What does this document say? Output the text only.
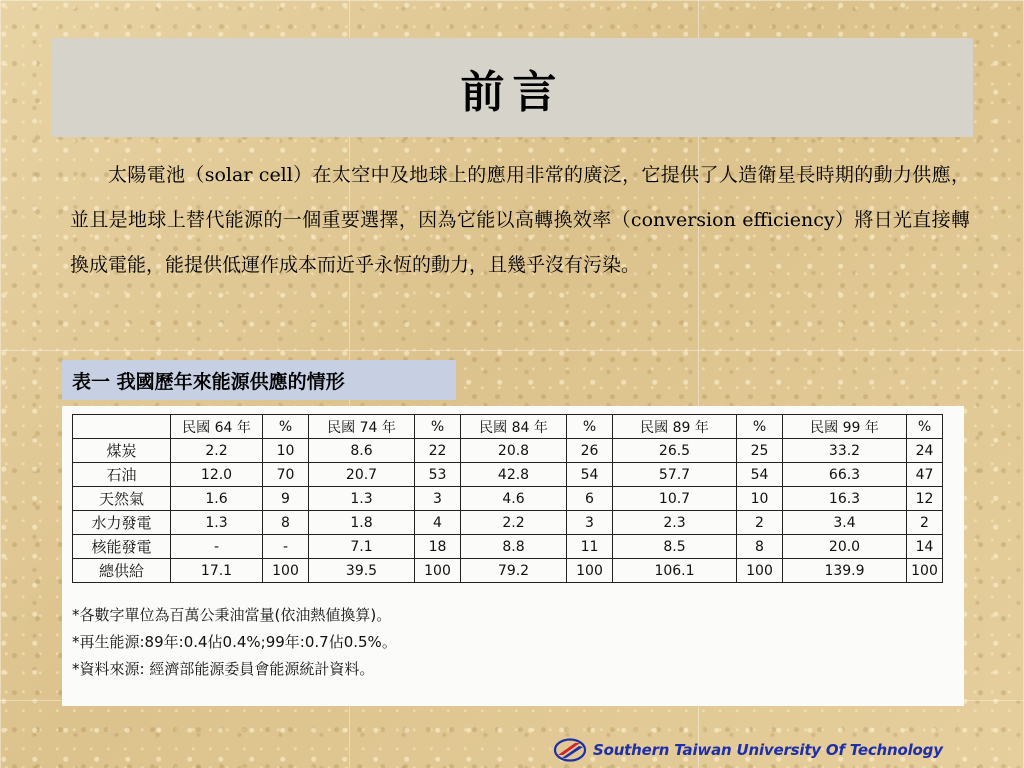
前言

太陽電池（solar cell）在太空中及地球上的應用非常的廣泛，它提供了人造衛星長時期的動力供應，並且是地球上替代能源的一個重要選擇，因為它能以高轉換效率（conversion efficiency）將日光直接轉換成電能，能提供低運作成本而近乎永恆的動力，且幾乎沒有污染。

表一 我國歷年來能源供應的情形
	民國 64 年	%	民國 74 年	%	民國 84 年	%	民國 89 年	%	民國 99 年	%
煤炭	2.2	10	8.6	22	20.8	26	26.5	25	33.2	24
石油	12.0	70	20.7	53	42.8	54	57.7	54	66.3	47
天然氣	1.6	9	1.3	3	4.6	6	10.7	10	16.3	12
水力發電	1.3	8	1.8	4	2.2	3	2.3	2	3.4	2
核能發電	-	-	7.1	18	8.8	11	8.5	8	20.0	14
總供給	17.1	100	39.5	100	79.2	100	106.1	100	139.9	100
*各數字單位為百萬公秉油當量(依油熱値換算)。
*再生能源:89年:0.4佔0.4%;99年:0.7佔0.5%。
*資料來源: 經濟部能源委員會能源統計資料。
Southern Taiwan University Of Technology
